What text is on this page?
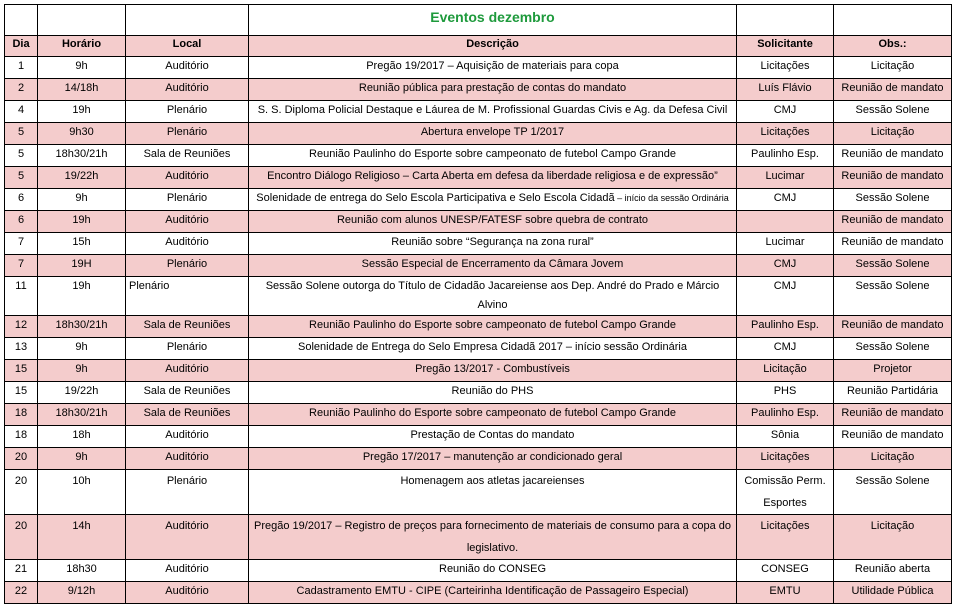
			Eventos dezembro		
Dia	Horário	Local	Descrição	Solicitante	Obs.:
1	9h	Auditório	Pregão 19/2017 – Aquisição de materiais para copa	Licitações	Licitação
2	14/18h	Auditório	Reunião pública para prestação de contas do mandato	Luís Flávio	Reunião de mandato
4	19h	Plenário	S. S. Diploma Policial Destaque e Láurea de M. Profissional Guardas Civis e Ag. da Defesa Civil	CMJ	Sessão Solene
5	9h30	Plenário	Abertura envelope TP 1/2017	Licitações	Licitação
5	18h30/21h	Sala de Reuniões	Reunião Paulinho do Esporte sobre campeonato de futebol Campo Grande	Paulinho Esp.	Reunião de mandato
5	19/22h	Auditório	Encontro Diálogo Religioso – Carta Aberta em defesa da liberdade religiosa e de expressão”	Lucimar	Reunião de mandato
6	9h	Plenário	Solenidade de entrega do Selo Escola Participativa e Selo Escola Cidadã – início da sessão Ordinária	CMJ	Sessão Solene
6	19h	Auditório	Reunião com alunos UNESP/FATESF sobre quebra de contrato		Reunião de mandato
7	15h	Auditório	Reunião sobre “Segurança na zona rural”	Lucimar	Reunião de mandato
7	19H	Plenário	Sessão Especial de Encerramento da Câmara Jovem	CMJ	Sessão Solene
11	19h	Plenário	Sessão Solene outorga do Título de Cidadão Jacareiense aos Dep. André do Prado e Márcio Alvino	CMJ	Sessão Solene
12	18h30/21h	Sala de Reuniões	Reunião Paulinho do Esporte sobre campeonato de futebol Campo Grande	Paulinho Esp.	Reunião de mandato
13	9h	Plenário	Solenidade de Entrega do Selo Empresa Cidadã 2017 – início sessão Ordinária	CMJ	Sessão Solene
15	9h	Auditório	Pregão 13/2017 - Combustíveis	Licitação	Projetor
15	19/22h	Sala de Reuniões	Reunião do PHS	PHS	Reunião Partidária
18	18h30/21h	Sala de Reuniões	Reunião Paulinho do Esporte sobre campeonato de futebol Campo Grande	Paulinho Esp.	Reunião de mandato
18	18h	Auditório	Prestação de Contas do mandato	Sônia	Reunião de mandato
20	9h	Auditório	Pregão 17/2017 – manutenção ar condicionado geral	Licitações	Licitação
20	10h	Plenário	Homenagem aos atletas jacareienses	Comissão Perm. Esportes	Sessão Solene
20	14h	Auditório	Pregão 19/2017 – Registro de preços para fornecimento de materiais de consumo para a copa do legislativo.	Licitações	Licitação
21	18h30	Auditório	Reunião do CONSEG	CONSEG	Reunião aberta
22	9/12h	Auditório	Cadastramento EMTU - CIPE (Carteirinha Identificação de Passageiro Especial)	EMTU	Utilidade Pública
